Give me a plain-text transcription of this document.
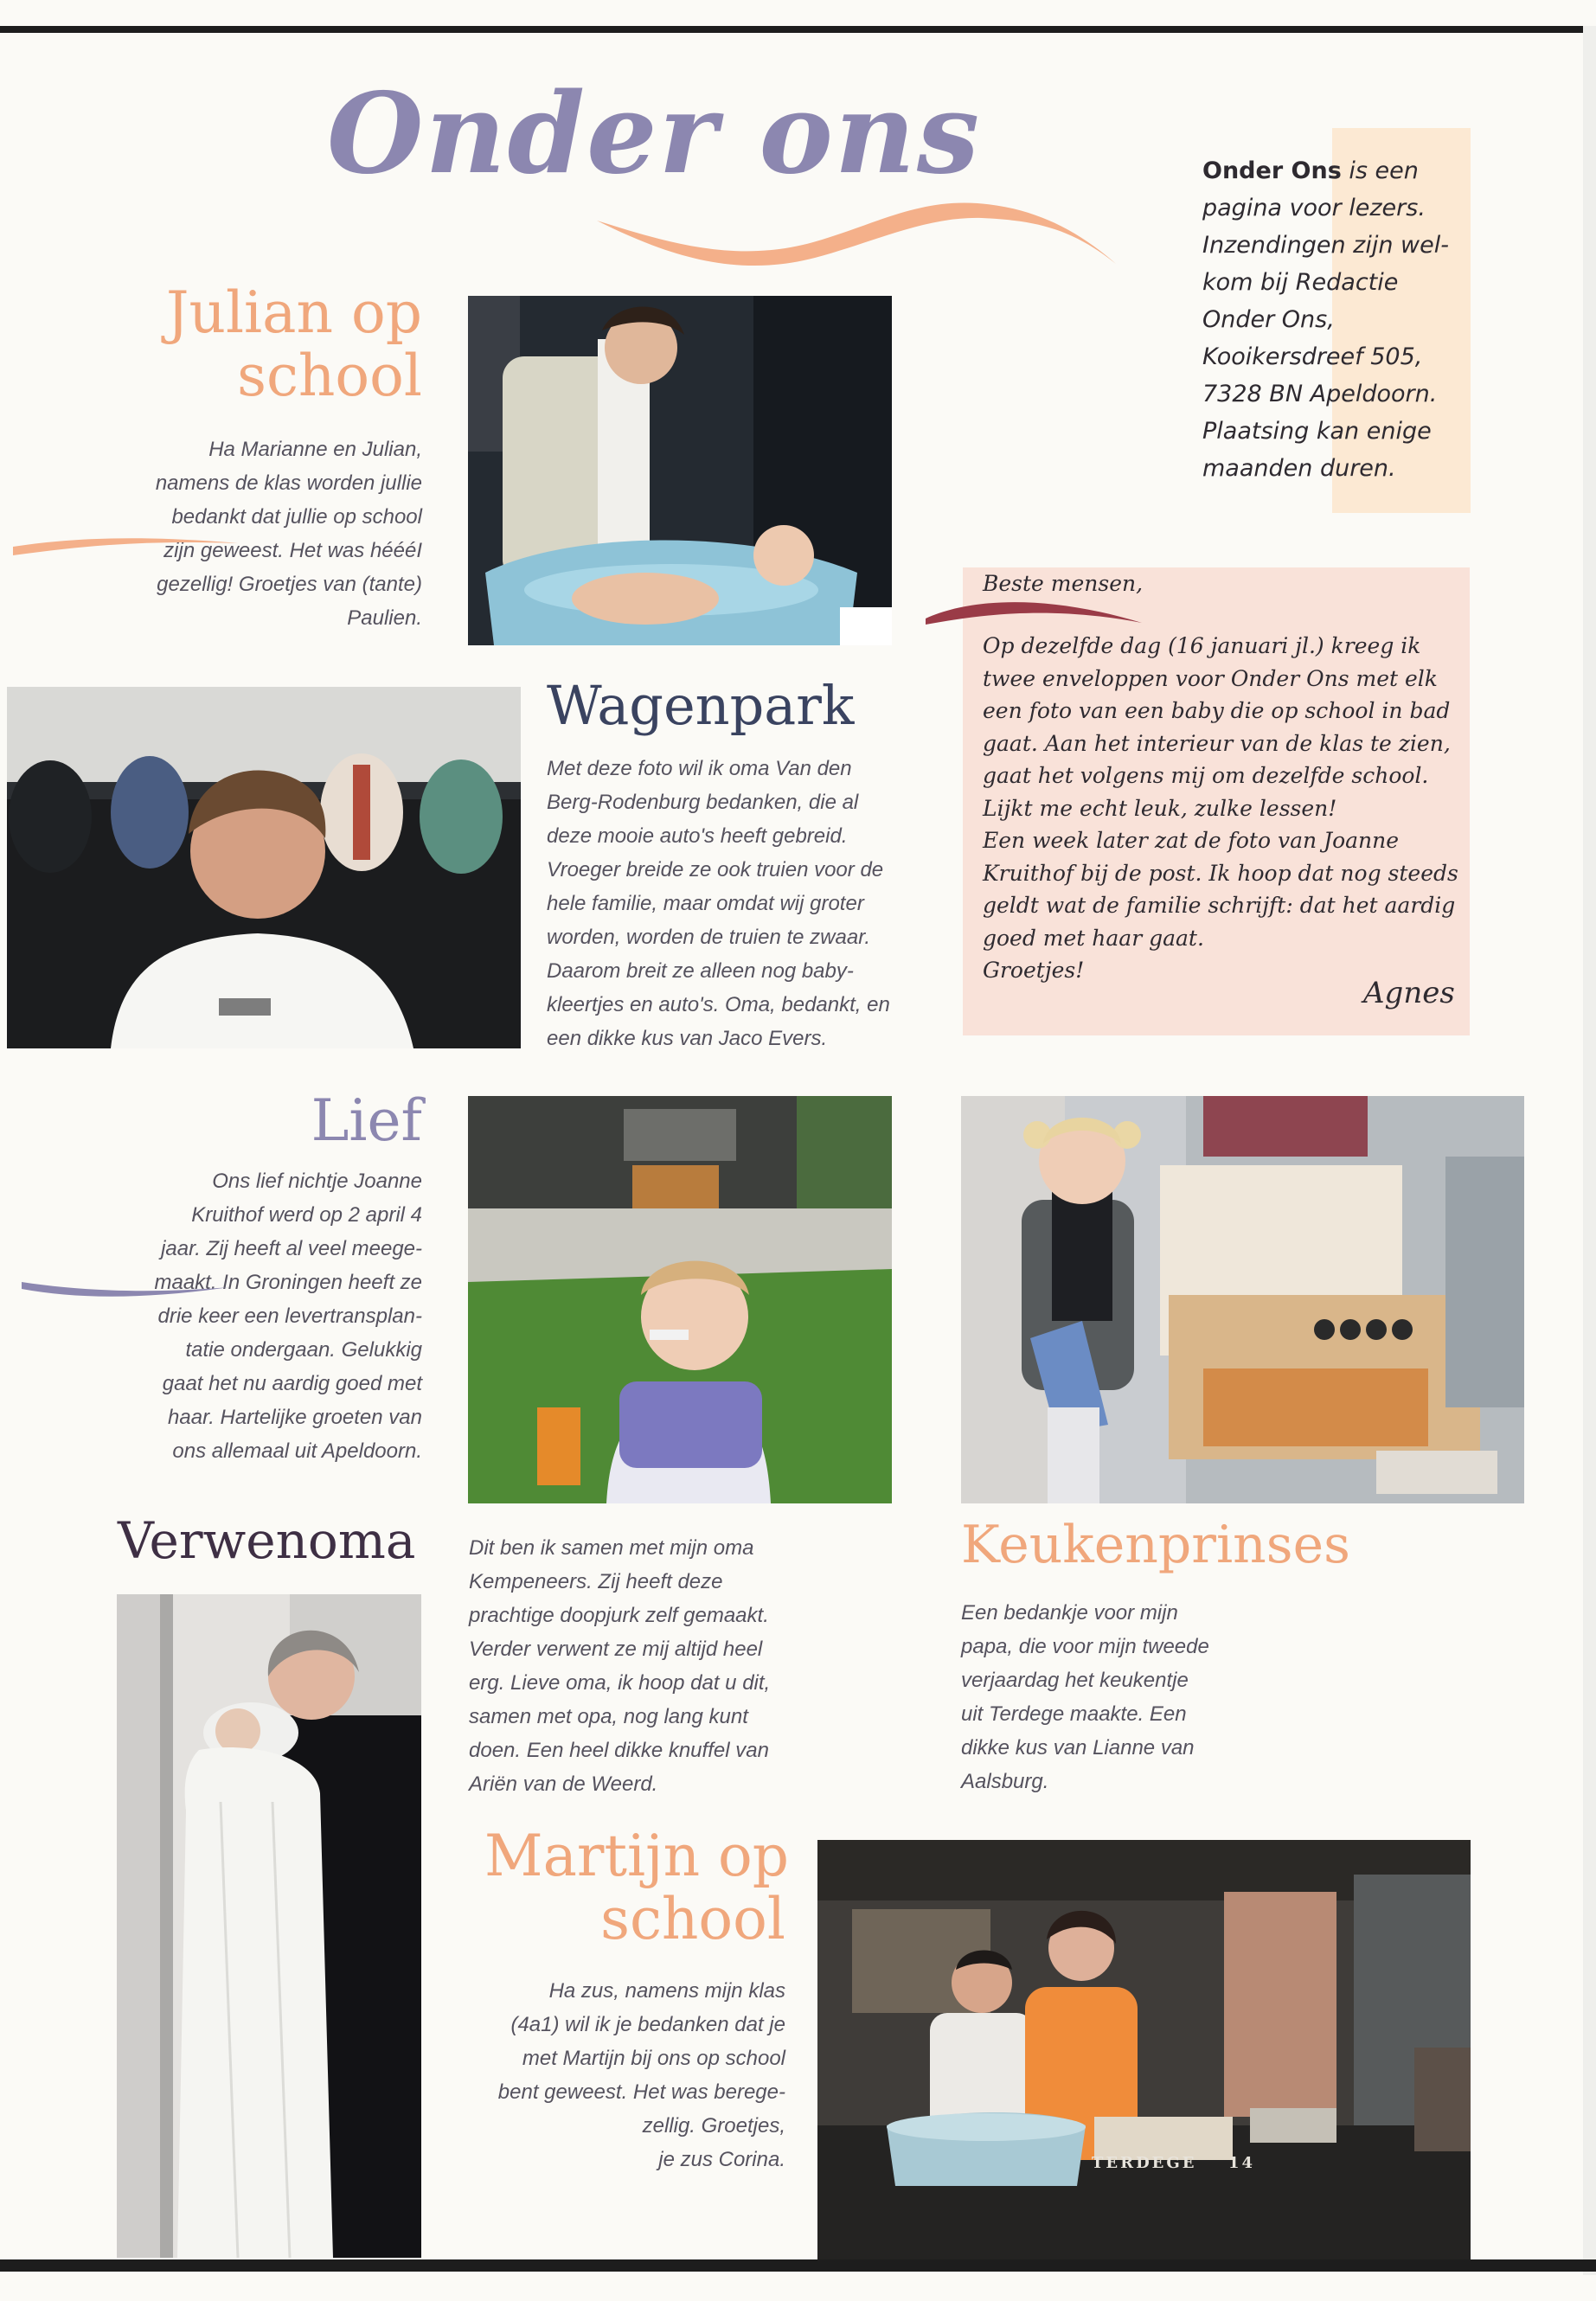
Onder ons	Onder Ons is een
pagina voor lezers.
Inzendingen zijn wel-
kom bij Redactie
Onder Ons,
Kooikersdreef 505,
7328 BN Apeldoorn.
Plaatsing kan enige
maanden duren.
Julian op
school
Ha Marianne en Julian,
namens de klas worden jullie
bedankt dat jullie op school
zijn geweest. Het was héééI
gezellig! Groetjes van (tante)
Paulien.
Wagenpark
Met deze foto wil ik oma Van den
Berg-Rodenburg bedanken, die al
deze mooie auto's heeft gebreid.
Vroeger breide ze ook truien voor de
hele familie, maar omdat wij groter
worden, worden de truien te zwaar.
Daarom breit ze alleen nog baby-
kleertjes en auto's. Oma, bedankt, en
een dikke kus van Jaco Evers.
Beste mensen,
Op dezelfde dag (16 januari jl.) kreeg ik
twee enveloppen voor Onder Ons met elk
een foto van een baby die op school in bad
gaat. Aan het interieur van de klas te zien,
gaat het volgens mij om dezelfde school.
Lijkt me echt leuk, zulke lessen!
Een week later zat de foto van Joanne
Kruithof bij de post. Ik hoop dat nog steeds
geldt wat de familie schrijft: dat het aardig
goed met haar gaat.
Groetjes!
Agnes
Lief
Ons lief nichtje Joanne
Kruithof werd op 2 april 4
jaar. Zij heeft al veel meege-
maakt. In Groningen heeft ze
drie keer een levertransplan-
tatie ondergaan. Gelukkig
gaat het nu aardig goed met
haar. Hartelijke groeten van
ons allemaal uit Apeldoorn.
Verwenoma	Dit ben ik samen met mijn oma
Kempeneers. Zij heeft deze
prachtige doopjurk zelf gemaakt.
Verder verwent ze mij altijd heel
erg. Lieve oma, ik hoop dat u dit,
samen met opa, nog lang kunt
doen. Een heel dikke knuffel van
Ariën van de Weerd.
Keukenprinses
Een bedankje voor mijn
papa, die voor mijn tweede
verjaardag het keukentje
uit Terdege maakte. Een
dikke kus van Lianne van
Aalsburg.
Martijn op
school
Ha zus, namens mijn klas
(4a1) wil ik je bedanken dat je
met Martijn bij ons op school
bent geweest. Het was berege-
zellig. Groetjes,
je zus Corina.	TERDEGE 14
